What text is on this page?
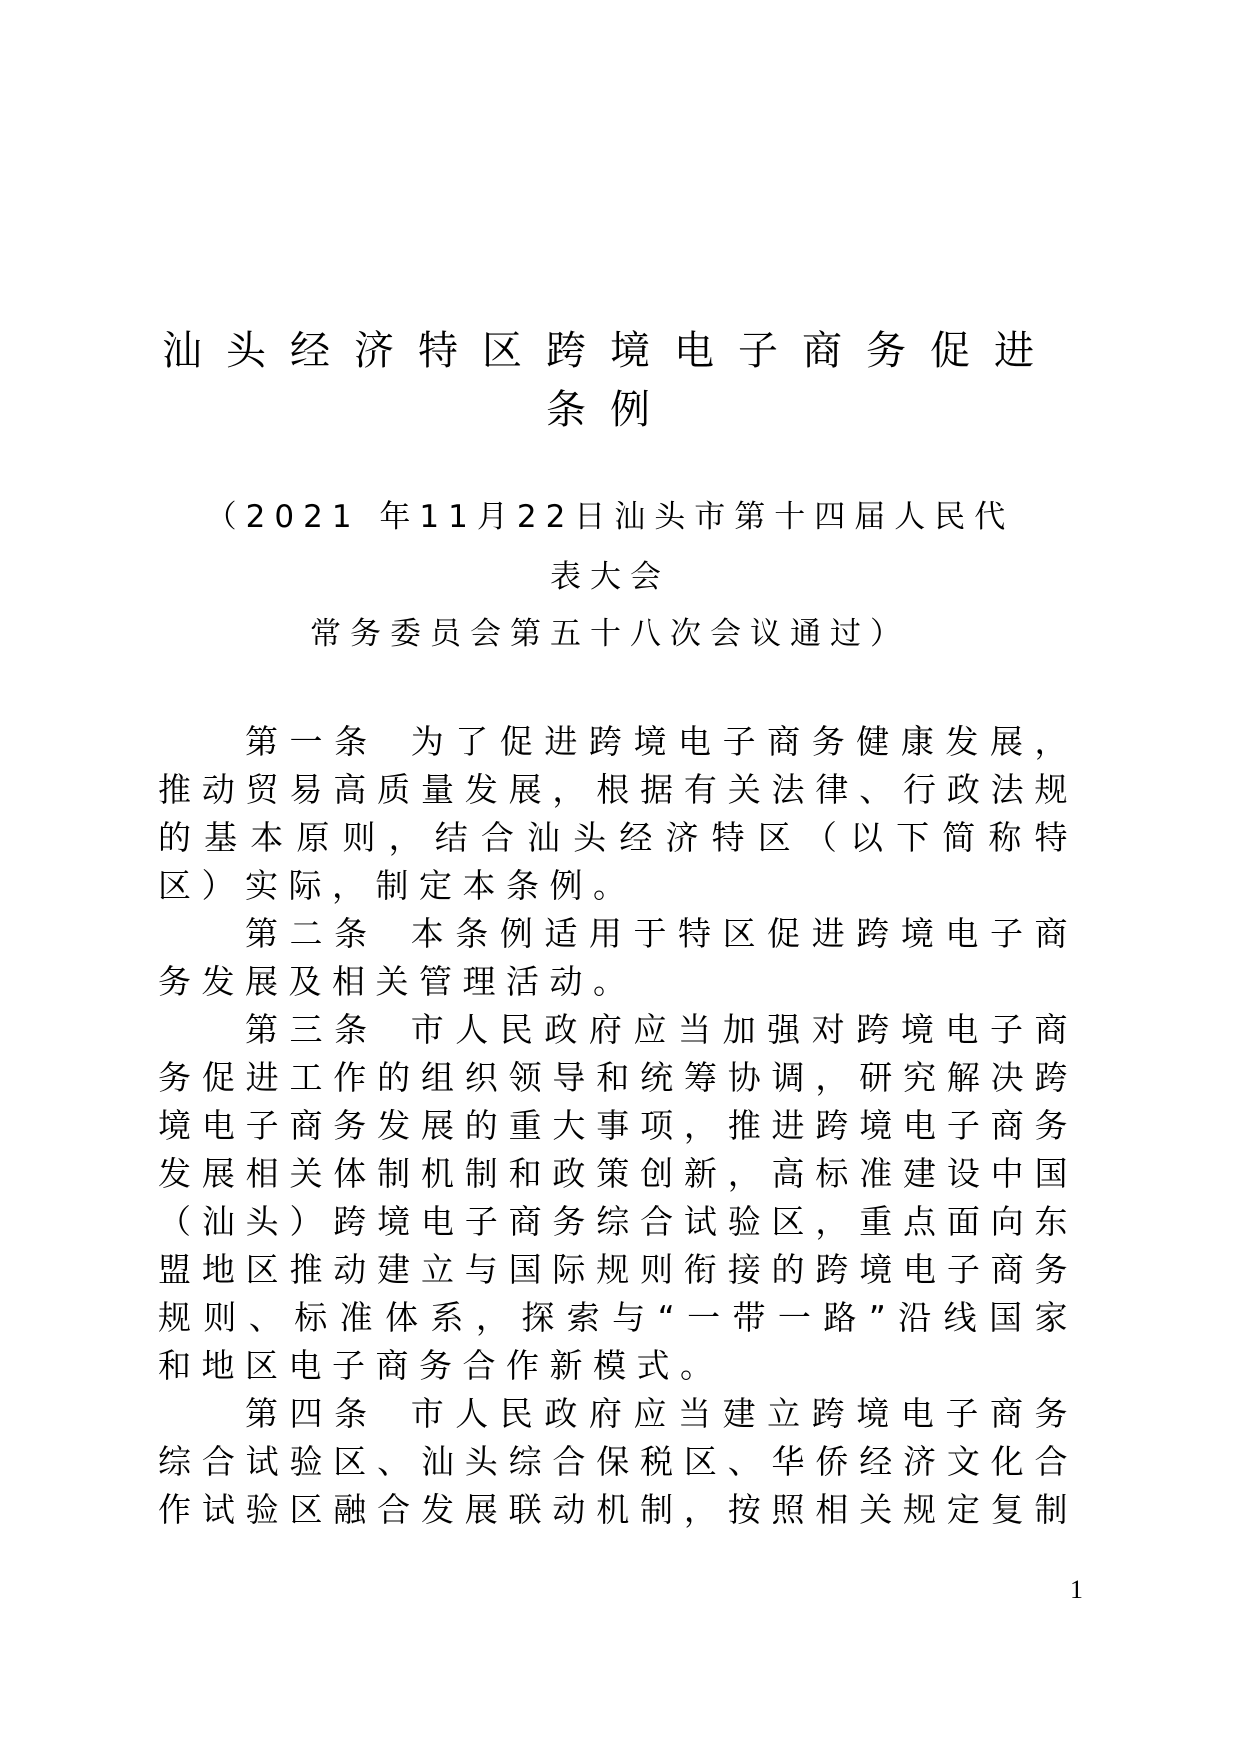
汕头经济特区跨境电子商务促进
条例

（2021 年11月22日汕头市第十四届人民代

表大会

常务委员会第五十八次会议通过）

第一条 为了促进跨境电子商务健康发展，推动贸易高质量发展，根据有关法律、行政法规的基本原则，结合汕头经济特区（以下简称特区）实际，制定本条例。

第二条 本条例适用于特区促进跨境电子商务发展及相关管理活动。

第三条 市人民政府应当加强对跨境电子商务促进工作的组织领导和统筹协调，研究解决跨境电子商务发展的重大事项，推进跨境电子商务发展相关体制机制和政策创新，高标准建设中国（汕头）跨境电子商务综合试验区，重点面向东盟地区推动建立与国际规则衔接的跨境电子商务规则、标准体系，探索与“一带一路”沿线国家和地区电子商务合作新模式。

第四条 市人民政府应当建立跨境电子商务综合试验区、汕头综合保税区、华侨经济文化合作试验区融合发展联动机制，按照相关规定复制

1
